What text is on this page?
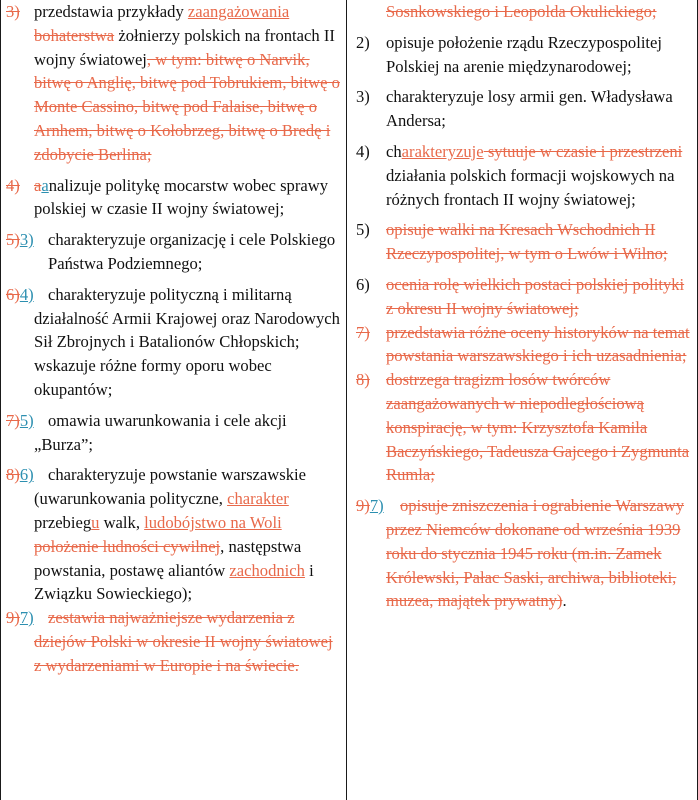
3) przedstawia przykłady zaangażowania bohaterstwa żołnierzy polskich na frontach II wojny światowej, w tym: bitwę o Narvik, bitwę o Anglię, bitwę pod Tobrukiem, bitwę o Monte Cassino, bitwę pod Falaise, bitwę o Arnhem, bitwę o Kołobrzeg, bitwę o Bredę i zdobycie Berlina;
4) aanalizuje politykę mocarstw wobec sprawy polskiej w czasie II wojny światowej;
5)3) charakteryzuje organizację i cele Polskiego Państwa Podziemnego;
6)4) charakteryzuje polityczną i militarną działalność Armii Krajowej oraz Narodowych Sił Zbrojnych i Batalionów Chłopskich; wskazuje różne formy oporu wobec okupantów;
7)5) omawia uwarunkowania i cele akcji „Burza”;
8)6) charakteryzuje powstanie warszawskie (uwarunkowania polityczne, charakter przebiegu walk, ludobójstwo na Woli położenie ludności cywilnej, następstwa powstania, postawę aliantów zachodnich i Związku Sowieckiego);
9)7) zestawia najważniejsze wydarzenia z dziejów Polski w okresie II wojny światowej z wydarzeniami w Europie i na świecie.
Sosnkowskiego i Leopolda Okulickiego;
2) opisuje położenie rządu Rzeczypospolitej Polskiej na arenie międzynarodowej;
3) charakteryzuje losy armii gen. Władysława Andersa;
4) charakteryzuje sytuuje w czasie i przestrzeni działania polskich formacji wojskowych na różnych frontach II wojny światowej;
5) opisuje walki na Kresach Wschodnich II Rzeczypospolitej, w tym o Lwów i Wilno;
6) ocenia rolę wielkich postaci polskiej polityki z okresu II wojny światowej;
7) przedstawia różne oceny historyków na temat powstania warszawskiego i ich uzasadnienia;
8) dostrzega tragizm losów twórców zaangażowanych w niepodległościową konspirację, w tym: Krzysztofa Kamila Baczyńskiego, Tadeusza Gajcego i Zygmunta Rumla;
9)7) opisuje zniszczenia i ograbienie Warszawy przez Niemców dokonane od września 1939 roku do stycznia 1945 roku (m.in. Zamek Królewski, Pałac Saski, archiwa, biblioteki, muzea, majątek prywatny).
